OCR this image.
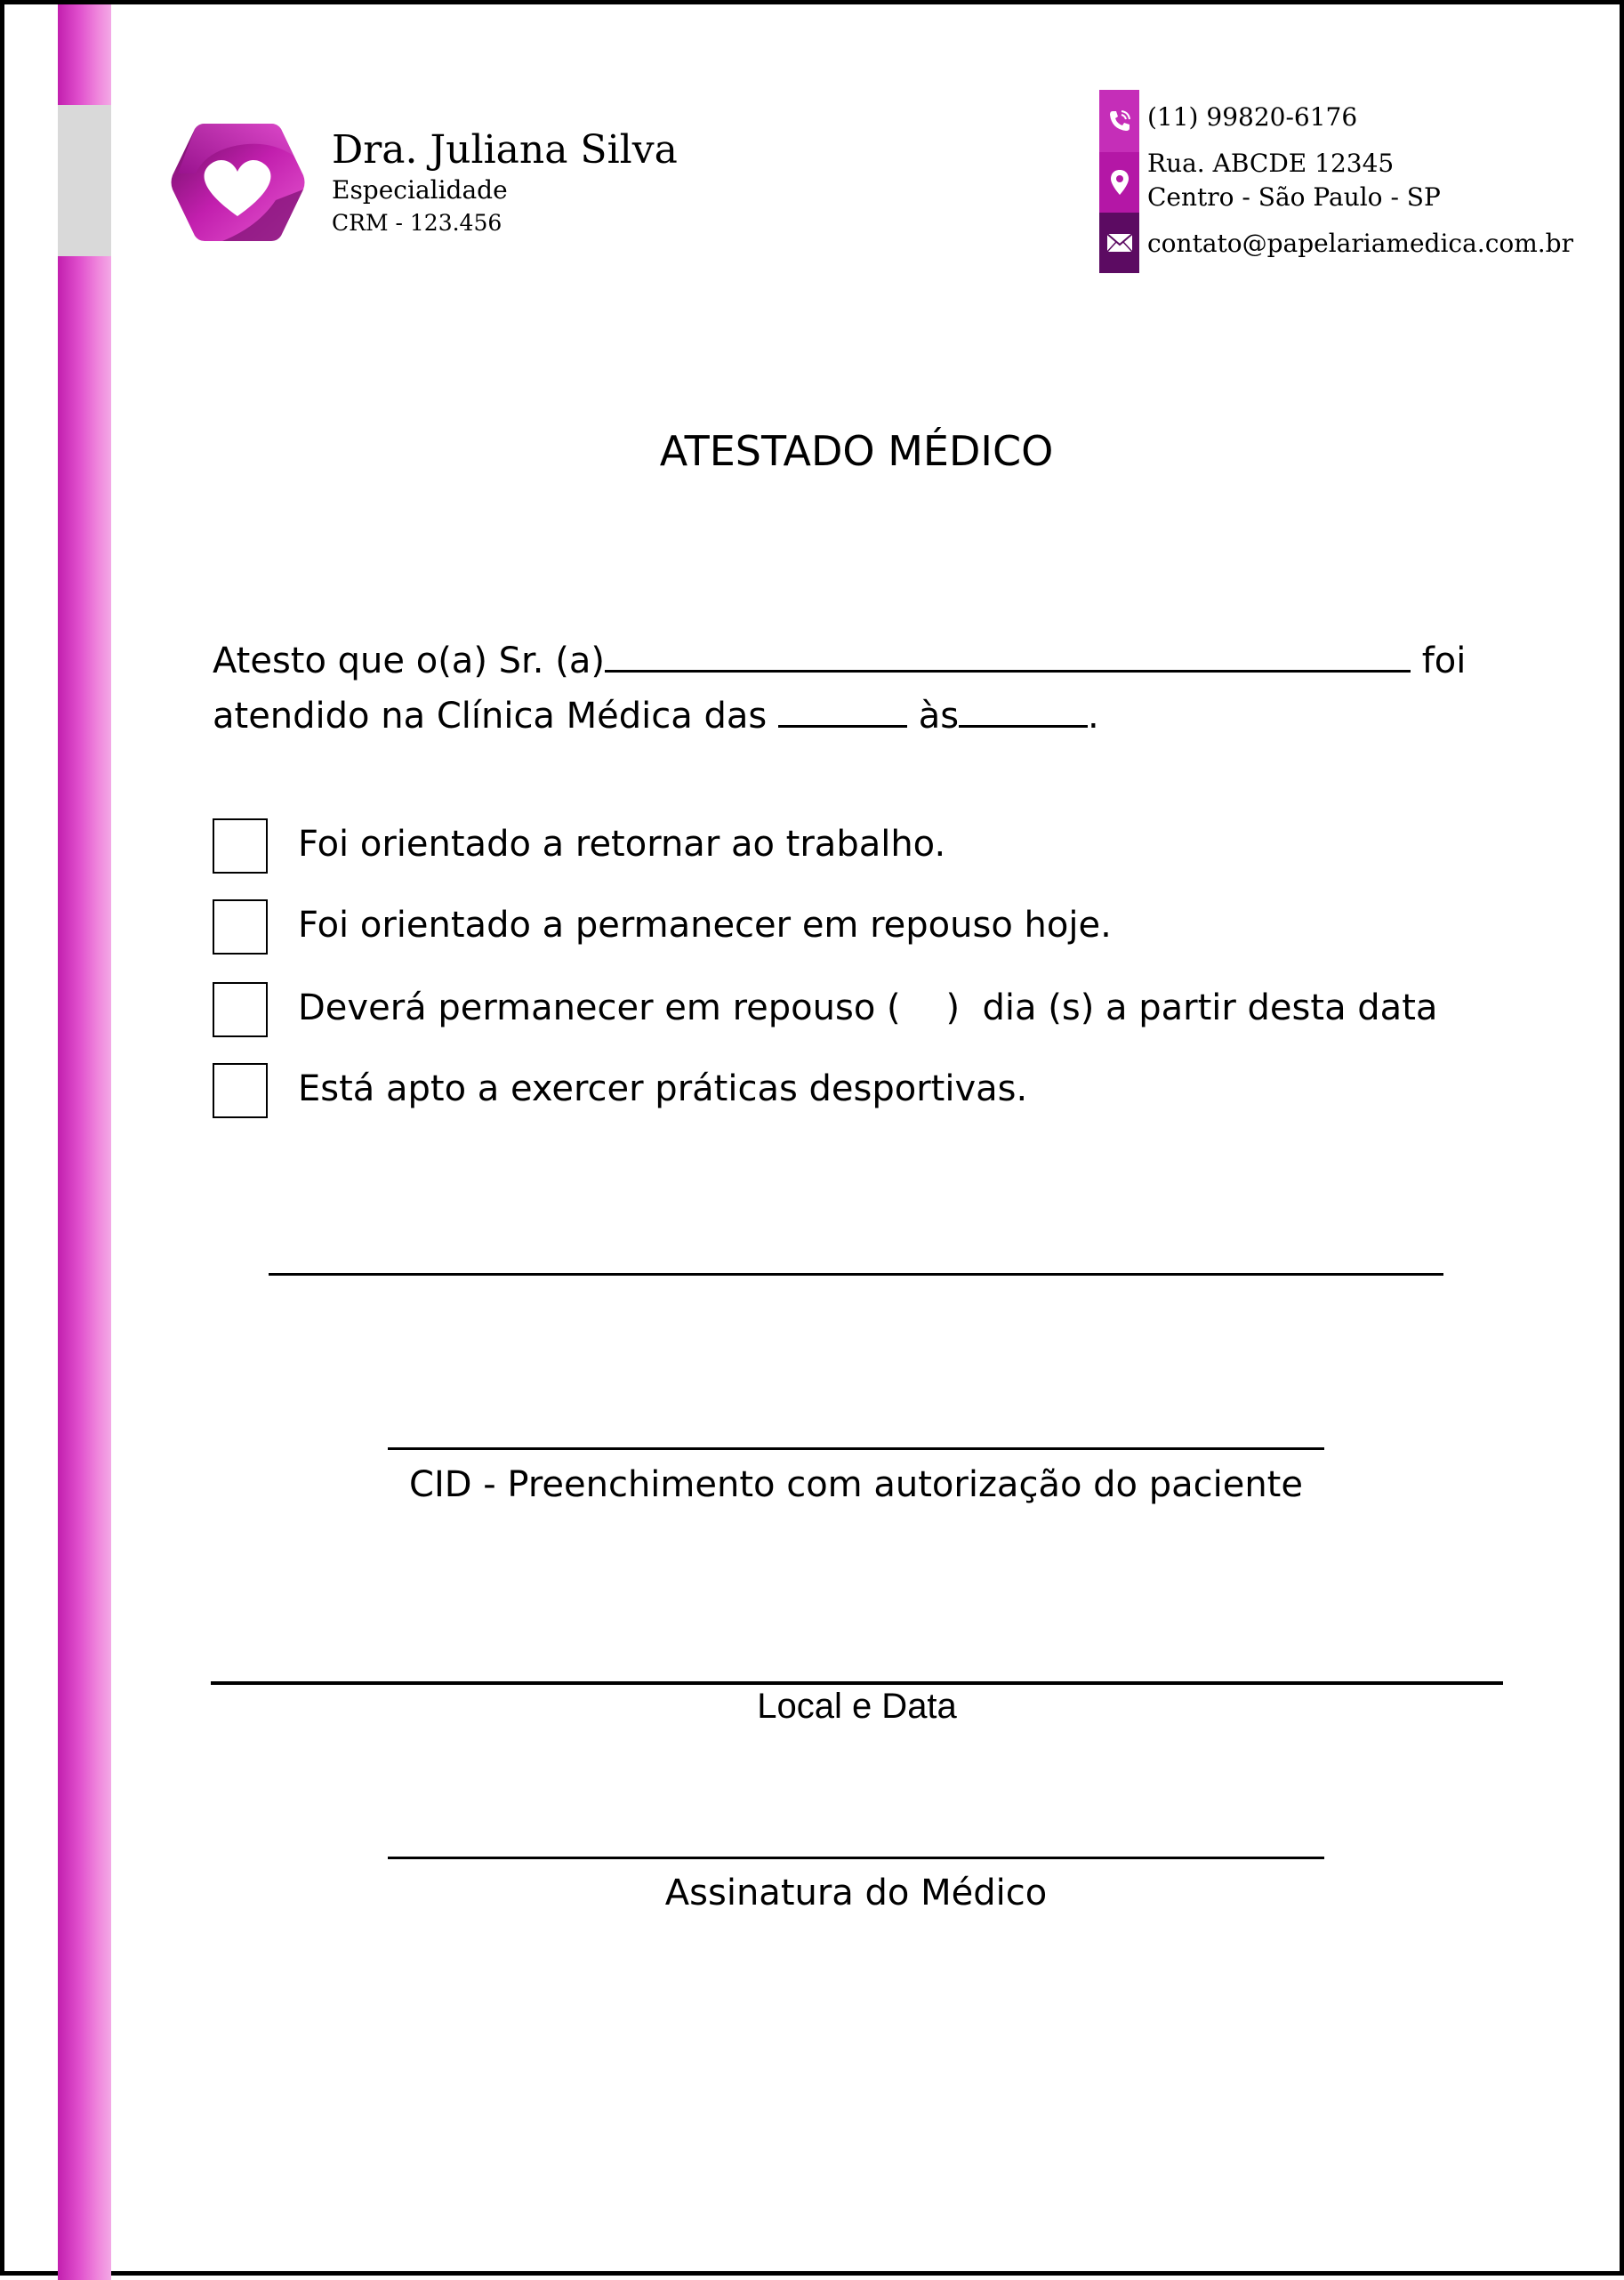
Dra. Juliana Silva
Especialidade
CRM - 123.456
(11) 99820-6176
Rua. ABCDE 12345
Centro - São Paulo - SP
contato@papelariamedica.com.br
ATESTADO MÉDICO
Atesto que o(a) Sr. (a)	foi
atendido na Clínica Médica das	às	.
Foi orientado a retornar ao trabalho.
Foi orientado a permanecer em repouso hoje.
Deverá permanecer em repouso (    )  dia (s) a partir desta data
Está apto a exercer práticas desportivas.
CID - Preenchimento com autorização do paciente
Local e Data
Assinatura do Médico
